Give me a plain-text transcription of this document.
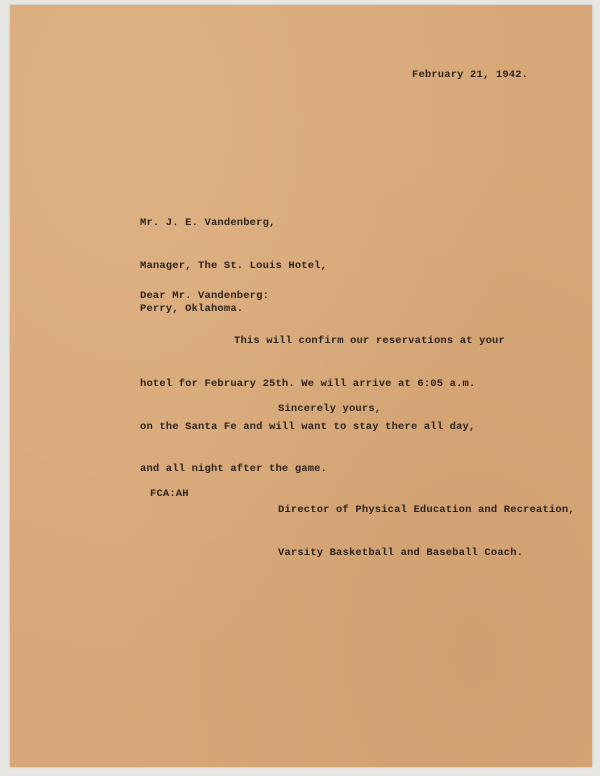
February 21, 1942.

Mr. J. E. Vandenberg,

Manager, The St. Louis Hotel,

Perry, Oklahoma.

Dear Mr. Vandenberg:

This will confirm our reservations at your

hotel for February 25th. We will arrive at 6:05 a.m.

on the Santa Fe and will want to stay there all day,

and all night after the game.

Sincerely yours,

Director of Physical Education and Recreation,

Varsity Basketball and Baseball Coach.

FCA:AH
